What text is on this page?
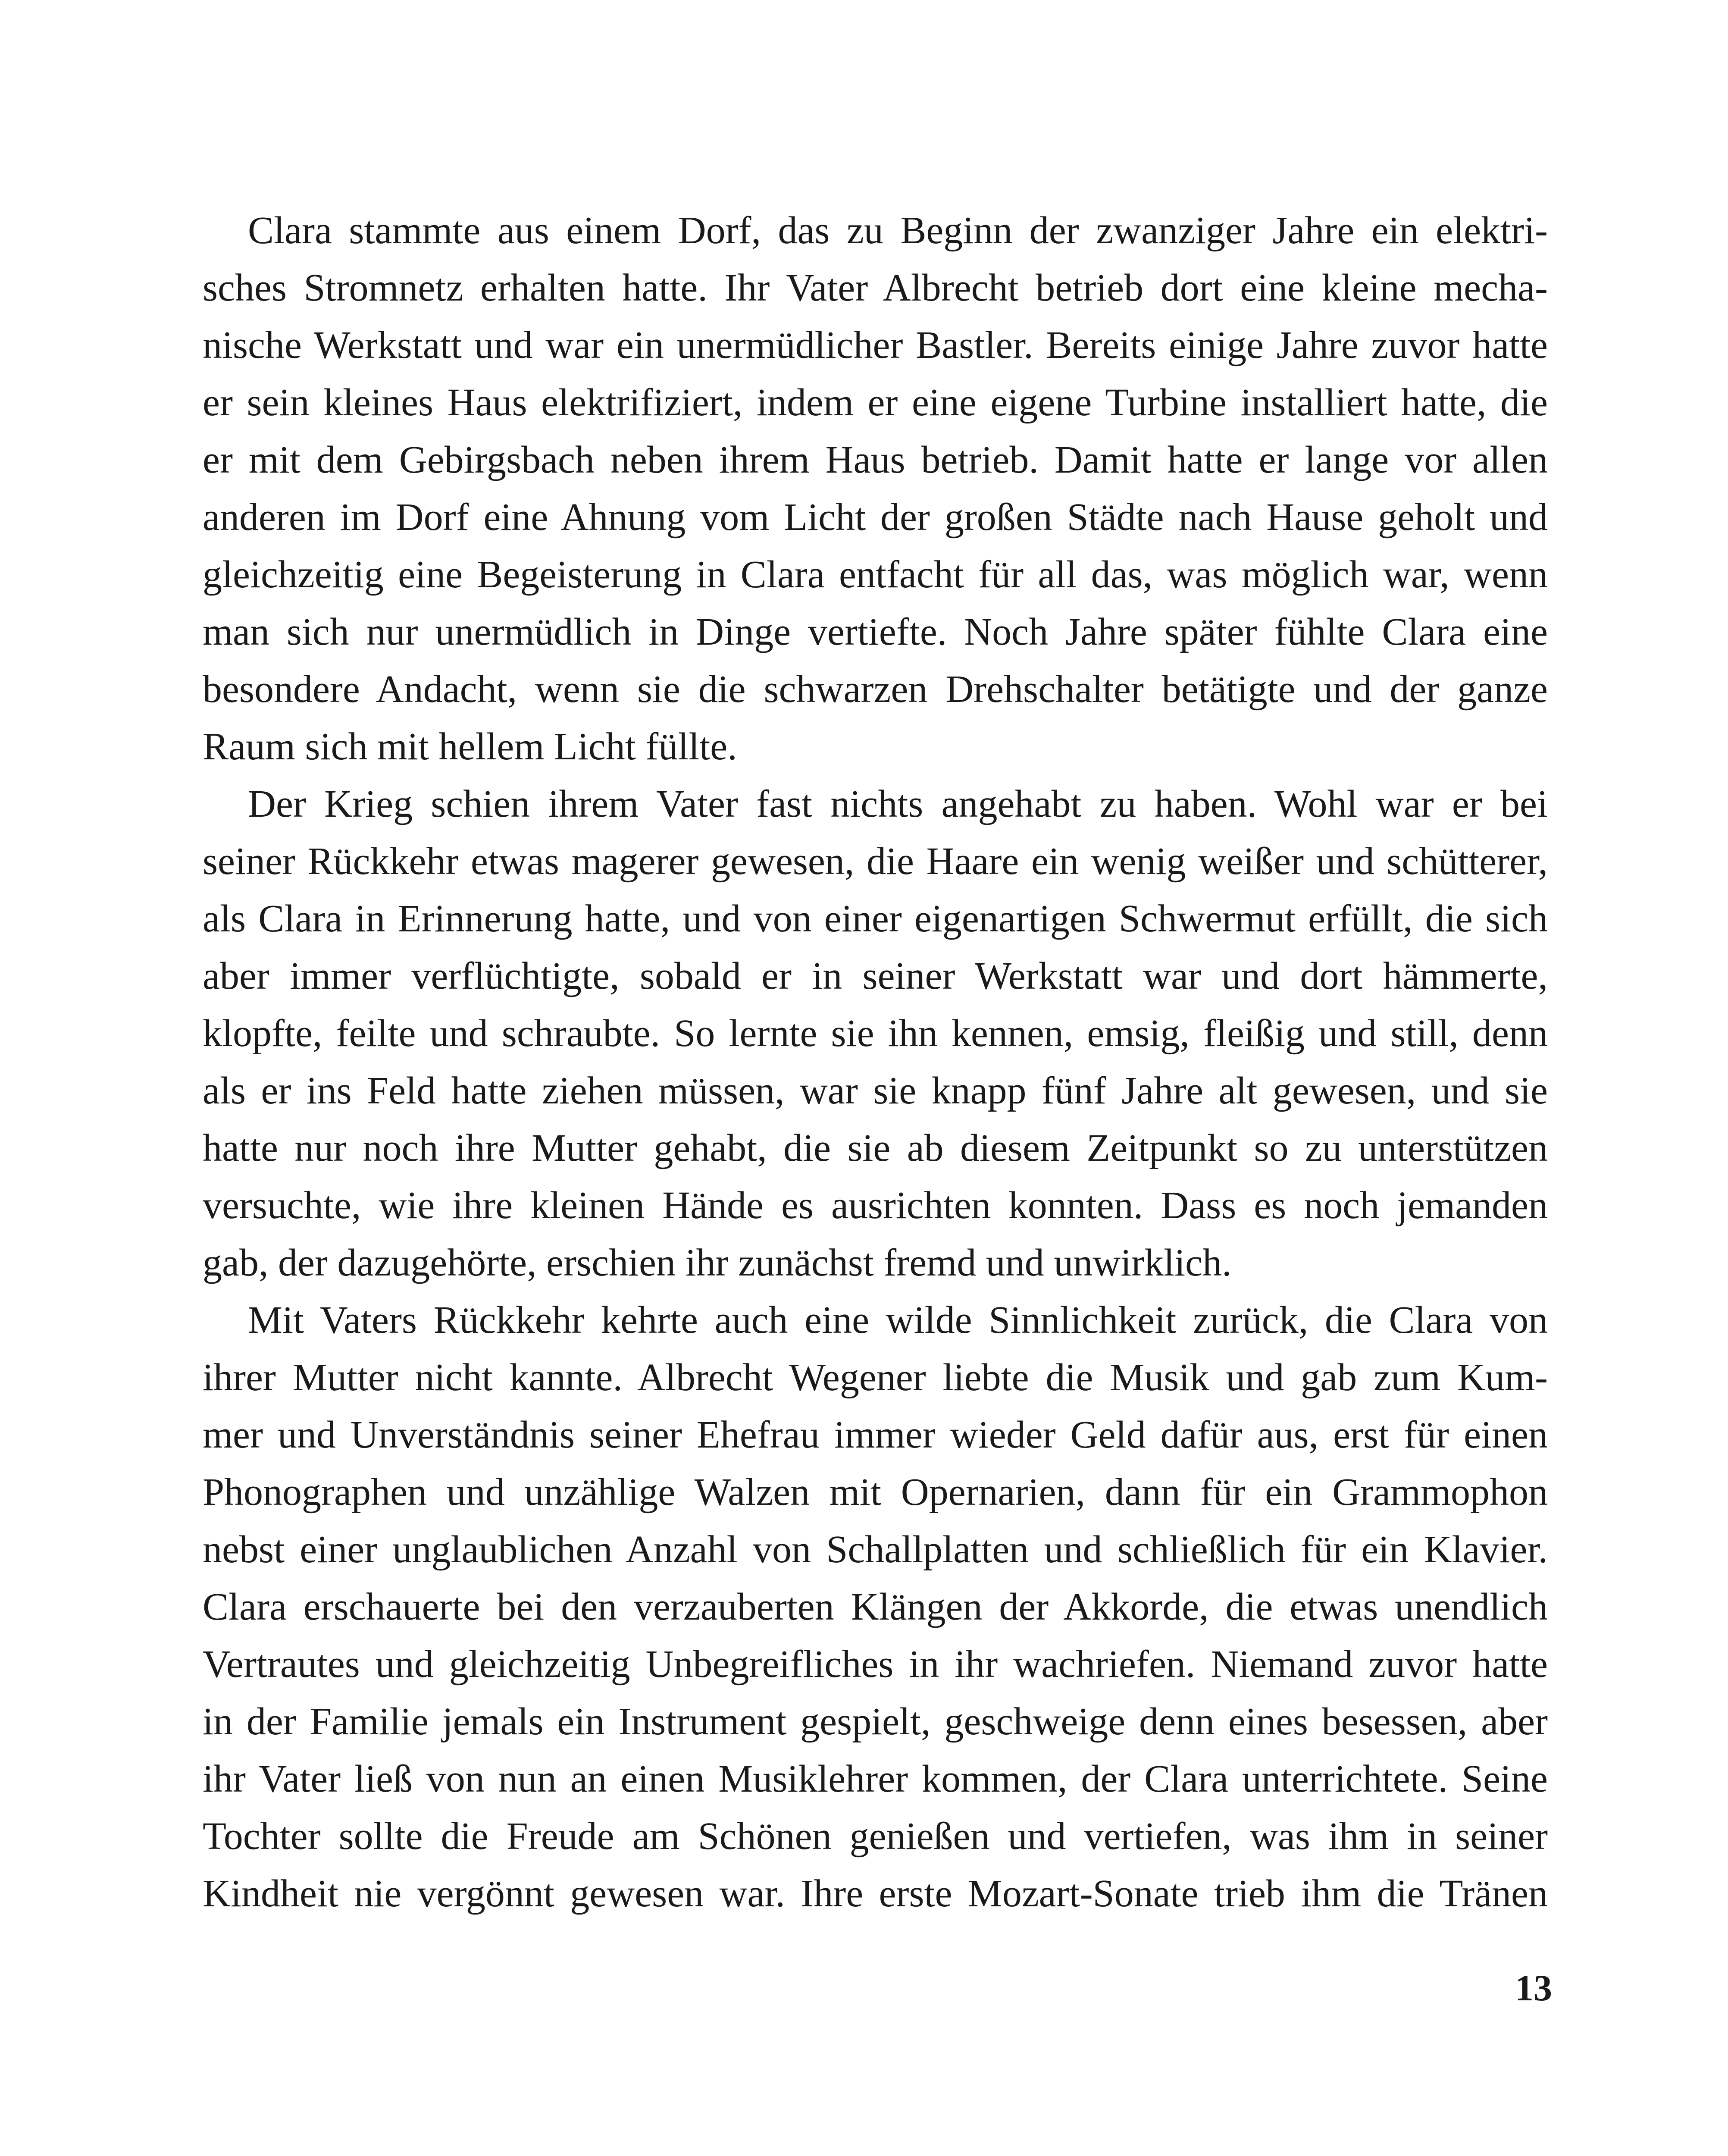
Clara stammte aus einem Dorf, das zu Beginn der zwanziger Jahre ein elektri-
sches Stromnetz erhalten hatte. Ihr Vater Albrecht betrieb dort eine kleine mecha-
nische Werkstatt und war ein unermüdlicher Bastler. Bereits einige Jahre zuvor hatte
er sein kleines Haus elektrifiziert, indem er eine eigene Turbine installiert hatte, die
er mit dem Gebirgsbach neben ihrem Haus betrieb. Damit hatte er lange vor allen
anderen im Dorf eine Ahnung vom Licht der großen Städte nach Hause geholt und
gleichzeitig eine Begeisterung in Clara entfacht für all das, was möglich war, wenn
man sich nur unermüdlich in Dinge vertiefte. Noch Jahre später fühlte Clara eine
besondere Andacht, wenn sie die schwarzen Drehschalter betätigte und der ganze
Raum sich mit hellem Licht füllte.
Der Krieg schien ihrem Vater fast nichts angehabt zu haben. Wohl war er bei
seiner Rückkehr etwas magerer gewesen, die Haare ein wenig weißer und schütterer,
als Clara in Erinnerung hatte, und von einer eigenartigen Schwermut erfüllt, die sich
aber immer verflüchtigte, sobald er in seiner Werkstatt war und dort hämmerte,
klopfte, feilte und schraubte. So lernte sie ihn kennen, emsig, fleißig und still, denn
als er ins Feld hatte ziehen müssen, war sie knapp fünf Jahre alt gewesen, und sie
hatte nur noch ihre Mutter gehabt, die sie ab diesem Zeitpunkt so zu unterstützen
versuchte, wie ihre kleinen Hände es ausrichten konnten. Dass es noch jemanden
gab, der dazugehörte, erschien ihr zunächst fremd und unwirklich.
Mit Vaters Rückkehr kehrte auch eine wilde Sinnlichkeit zurück, die Clara von
ihrer Mutter nicht kannte. Albrecht Wegener liebte die Musik und gab zum Kum-
mer und Unverständnis seiner Ehefrau immer wieder Geld dafür aus, erst für einen
Phonographen und unzählige Walzen mit Opernarien, dann für ein Grammophon
nebst einer unglaublichen Anzahl von Schallplatten und schließlich für ein Klavier.
Clara erschauerte bei den verzauberten Klängen der Akkorde, die etwas unendlich
Vertrautes und gleichzeitig Unbegreifliches in ihr wachriefen. Niemand zuvor hatte
in der Familie jemals ein Instrument gespielt, geschweige denn eines besessen, aber
ihr Vater ließ von nun an einen Musiklehrer kommen, der Clara unterrichtete. Seine
Tochter sollte die Freude am Schönen genießen und vertiefen, was ihm in seiner
Kindheit nie vergönnt gewesen war. Ihre erste Mozart-Sonate trieb ihm die Tränen
13
